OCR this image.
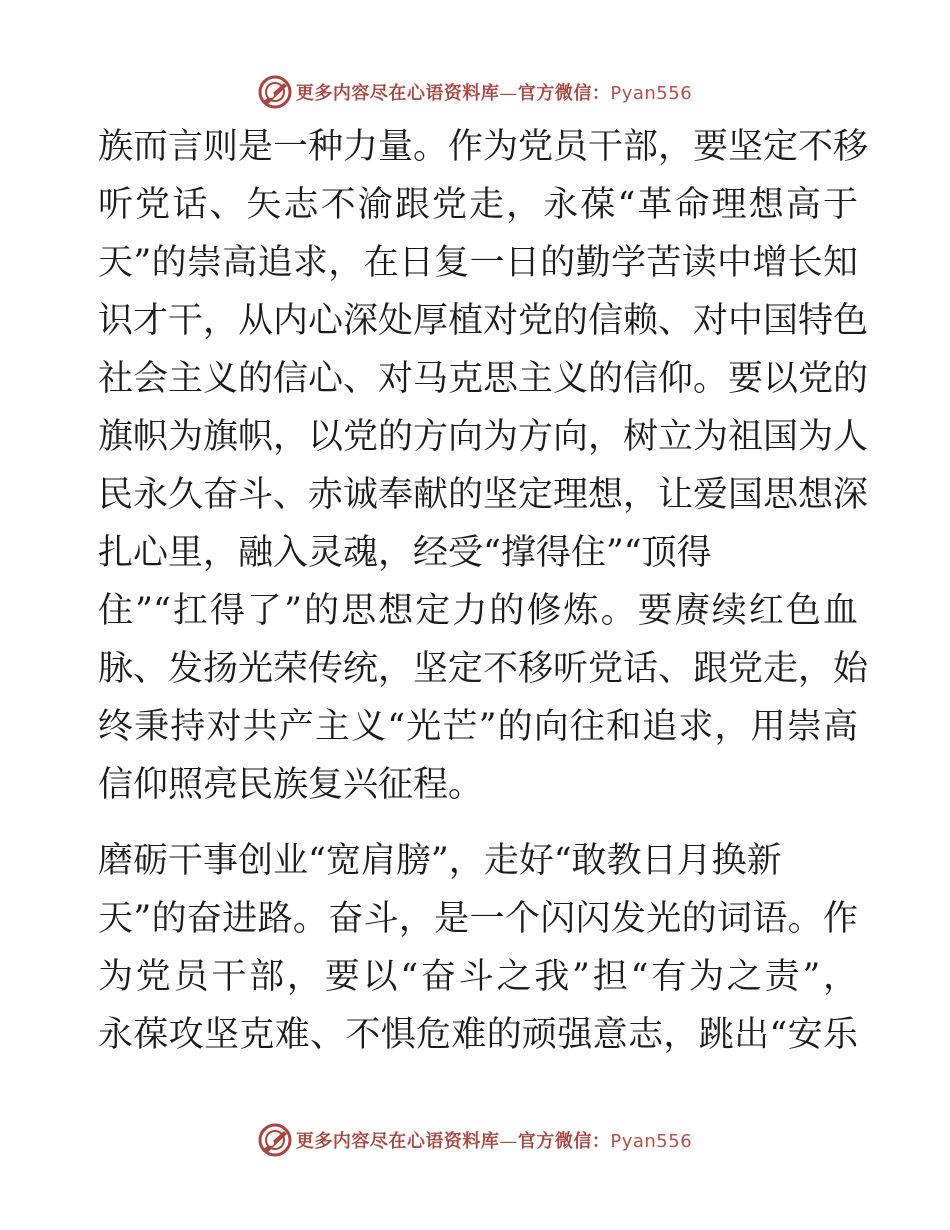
更多内容尽在心语资料库—官方微信：Pyan556
族而言则是一种力量。作为党员干部，要坚定不移
听党话、矢志不渝跟党走，永葆“革命理想高于
天”的崇高追求，在日复一日的勤学苦读中增长知
识才干，从内心深处厚植对党的信赖、对中国特色
社会主义的信心、对马克思主义的信仰。要以党的
旗帜为旗帜，以党的方向为方向，树立为祖国为人
民永久奋斗、赤诚奉献的坚定理想，让爱国思想深
扎心里，融入灵魂，经受“撑得住”“顶得
住”“扛得了”的思想定力的修炼。要赓续红色血
脉、发扬光荣传统，坚定不移听党话、跟党走，始
终秉持对共产主义“光芒”的向往和追求，用崇高
信仰照亮民族复兴征程。
磨砺干事创业“宽肩膀”，走好“敢教日月换新
天”的奋进路。奋斗，是一个闪闪发光的词语。作
为党员干部，要以“奋斗之我”担“有为之责”，
永葆攻坚克难、不惧危难的顽强意志，跳出“安乐
更多内容尽在心语资料库—官方微信：Pyan556
